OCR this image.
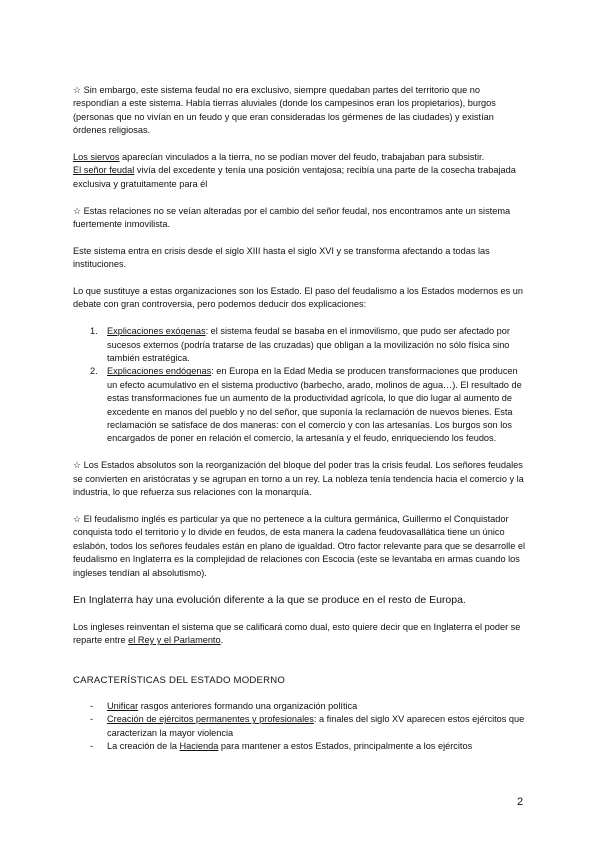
☆ Sin embargo, este sistema feudal no era exclusivo, siempre quedaban partes del territorio que no respondían a este sistema. Había tierras aluviales (donde los campesinos eran los propietarios), burgos (personas que no vivían en un feudo y que eran consideradas los gérmenes de las ciudades) y existían órdenes religiosas.

Los siervos aparecían vinculados a la tierra, no se podían mover del feudo, trabajaban para subsistir.
El señor feudal vivía del excedente y tenía una posición ventajosa; recibía una parte de la cosecha trabajada exclusiva y gratuitamente para él

☆ Estas relaciones no se veían alteradas por el cambio del señor feudal, nos encontramos ante un sistema fuertemente inmovilista.

Este sistema entra en crisis desde el siglo XIII hasta el siglo XVI y se transforma afectando a todas las instituciones.

Lo que sustituye a estas organizaciones son los Estado. El paso del feudalismo a los Estados modernos es un debate con gran controversia, pero podemos deducir dos explicaciones:

1. Explicaciones exógenas: el sistema feudal se basaba en el inmovilismo, que pudo ser afectado por sucesos externos (podría tratarse de las cruzadas) que obligan a la movilización no sólo física sino también estratégica.
2. Explicaciones endógenas: en Europa en la Edad Media se producen transformaciones que producen un efecto acumulativo en el sistema productivo (barbecho, arado, molinos de agua…). El resultado de estas transformaciones fue un aumento de la productividad agrícola, lo que dio lugar al aumento de excedente en manos del pueblo y no del señor, que suponía la reclamación de nuevos bienes. Esta reclamación se satisface de dos maneras: con el comercio y con las artesanías. Los burgos son los encargados de poner en relación el comercio, la artesanía y el feudo, enriqueciendo los feudos.

☆ Los Estados absolutos son la reorganización del bloque del poder tras la crisis feudal. Los señores feudales se convierten en aristócratas y se agrupan en torno a un rey. La nobleza tenía tendencia hacia el comercio y la industria, lo que refuerza sus relaciones con la monarquía.

☆ El feudalismo inglés es particular ya que no pertenece a la cultura germánica, Guillermo el Conquistador conquista todo el territorio y lo divide en feudos, de esta manera la cadena feudovasallática tiene un único eslabón, todos los señores feudales están en plano de igualdad. Otro factor relevante para que se desarrolle el feudalismo en Inglaterra es la complejidad de relaciones con Escocia (este se levantaba en armas cuando los ingleses tendían al absolutismo).

En Inglaterra hay una evolución diferente a la que se produce en el resto de Europa.

Los ingleses reinventan el sistema que se calificará como dual, esto quiere decir que en Inglaterra el poder se reparte entre el Rey y el Parlamento.

CARACTERÍSTICAS DEL ESTADO MODERNO

- Unificar rasgos anteriores formando una organización política
- Creación de ejércitos permanentes y profesionales: a finales del siglo XV aparecen estos ejércitos que caracterizan la mayor violencia
- La creación de la Hacienda para mantener a estos Estados, principalmente a los ejércitos
2
